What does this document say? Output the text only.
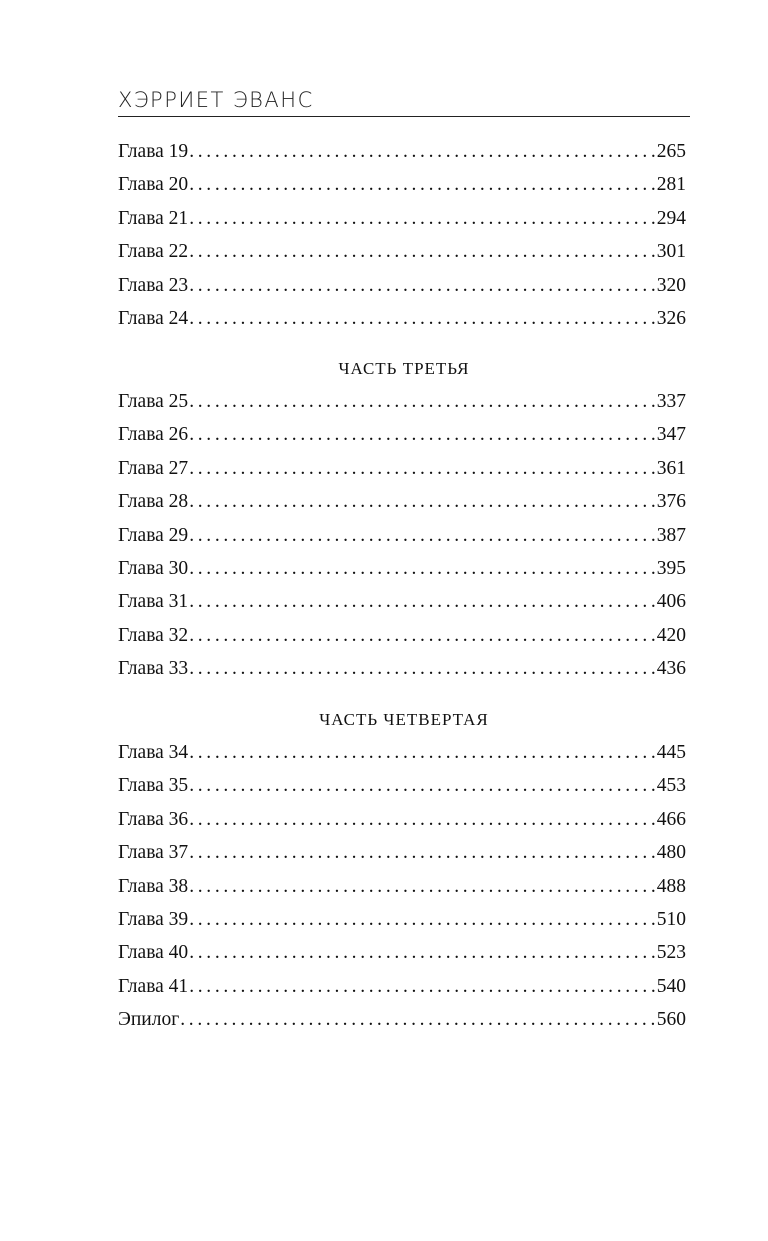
ХЭРРИЕТ ЭВАНС
Глава 19 . . .	265
Глава 20 . . .	281
Глава 21 . . .	294
Глава 22 . . .	301
Глава 23 . . .	320
Глава 24 . . .	326
ЧАСТЬ ТРЕТЬЯ
Глава 25 . . .	337
Глава 26 . . .	347
Глава 27 . . .	361
Глава 28 . . .	376
Глава 29 . . .	387
Глава 30 . . .	395
Глава 31 . . .	406
Глава 32 . . .	420
Глава 33 . . .	436
ЧАСТЬ ЧЕТВЕРТАЯ
Глава 34 . . .	445
Глава 35 . . .	453
Глава 36 . . .	466
Глава 37 . . .	480
Глава 38 . . .	488
Глава 39 . . .	510
Глава 40 . . .	523
Глава 41 . . .	540
Эпилог . . .	560
